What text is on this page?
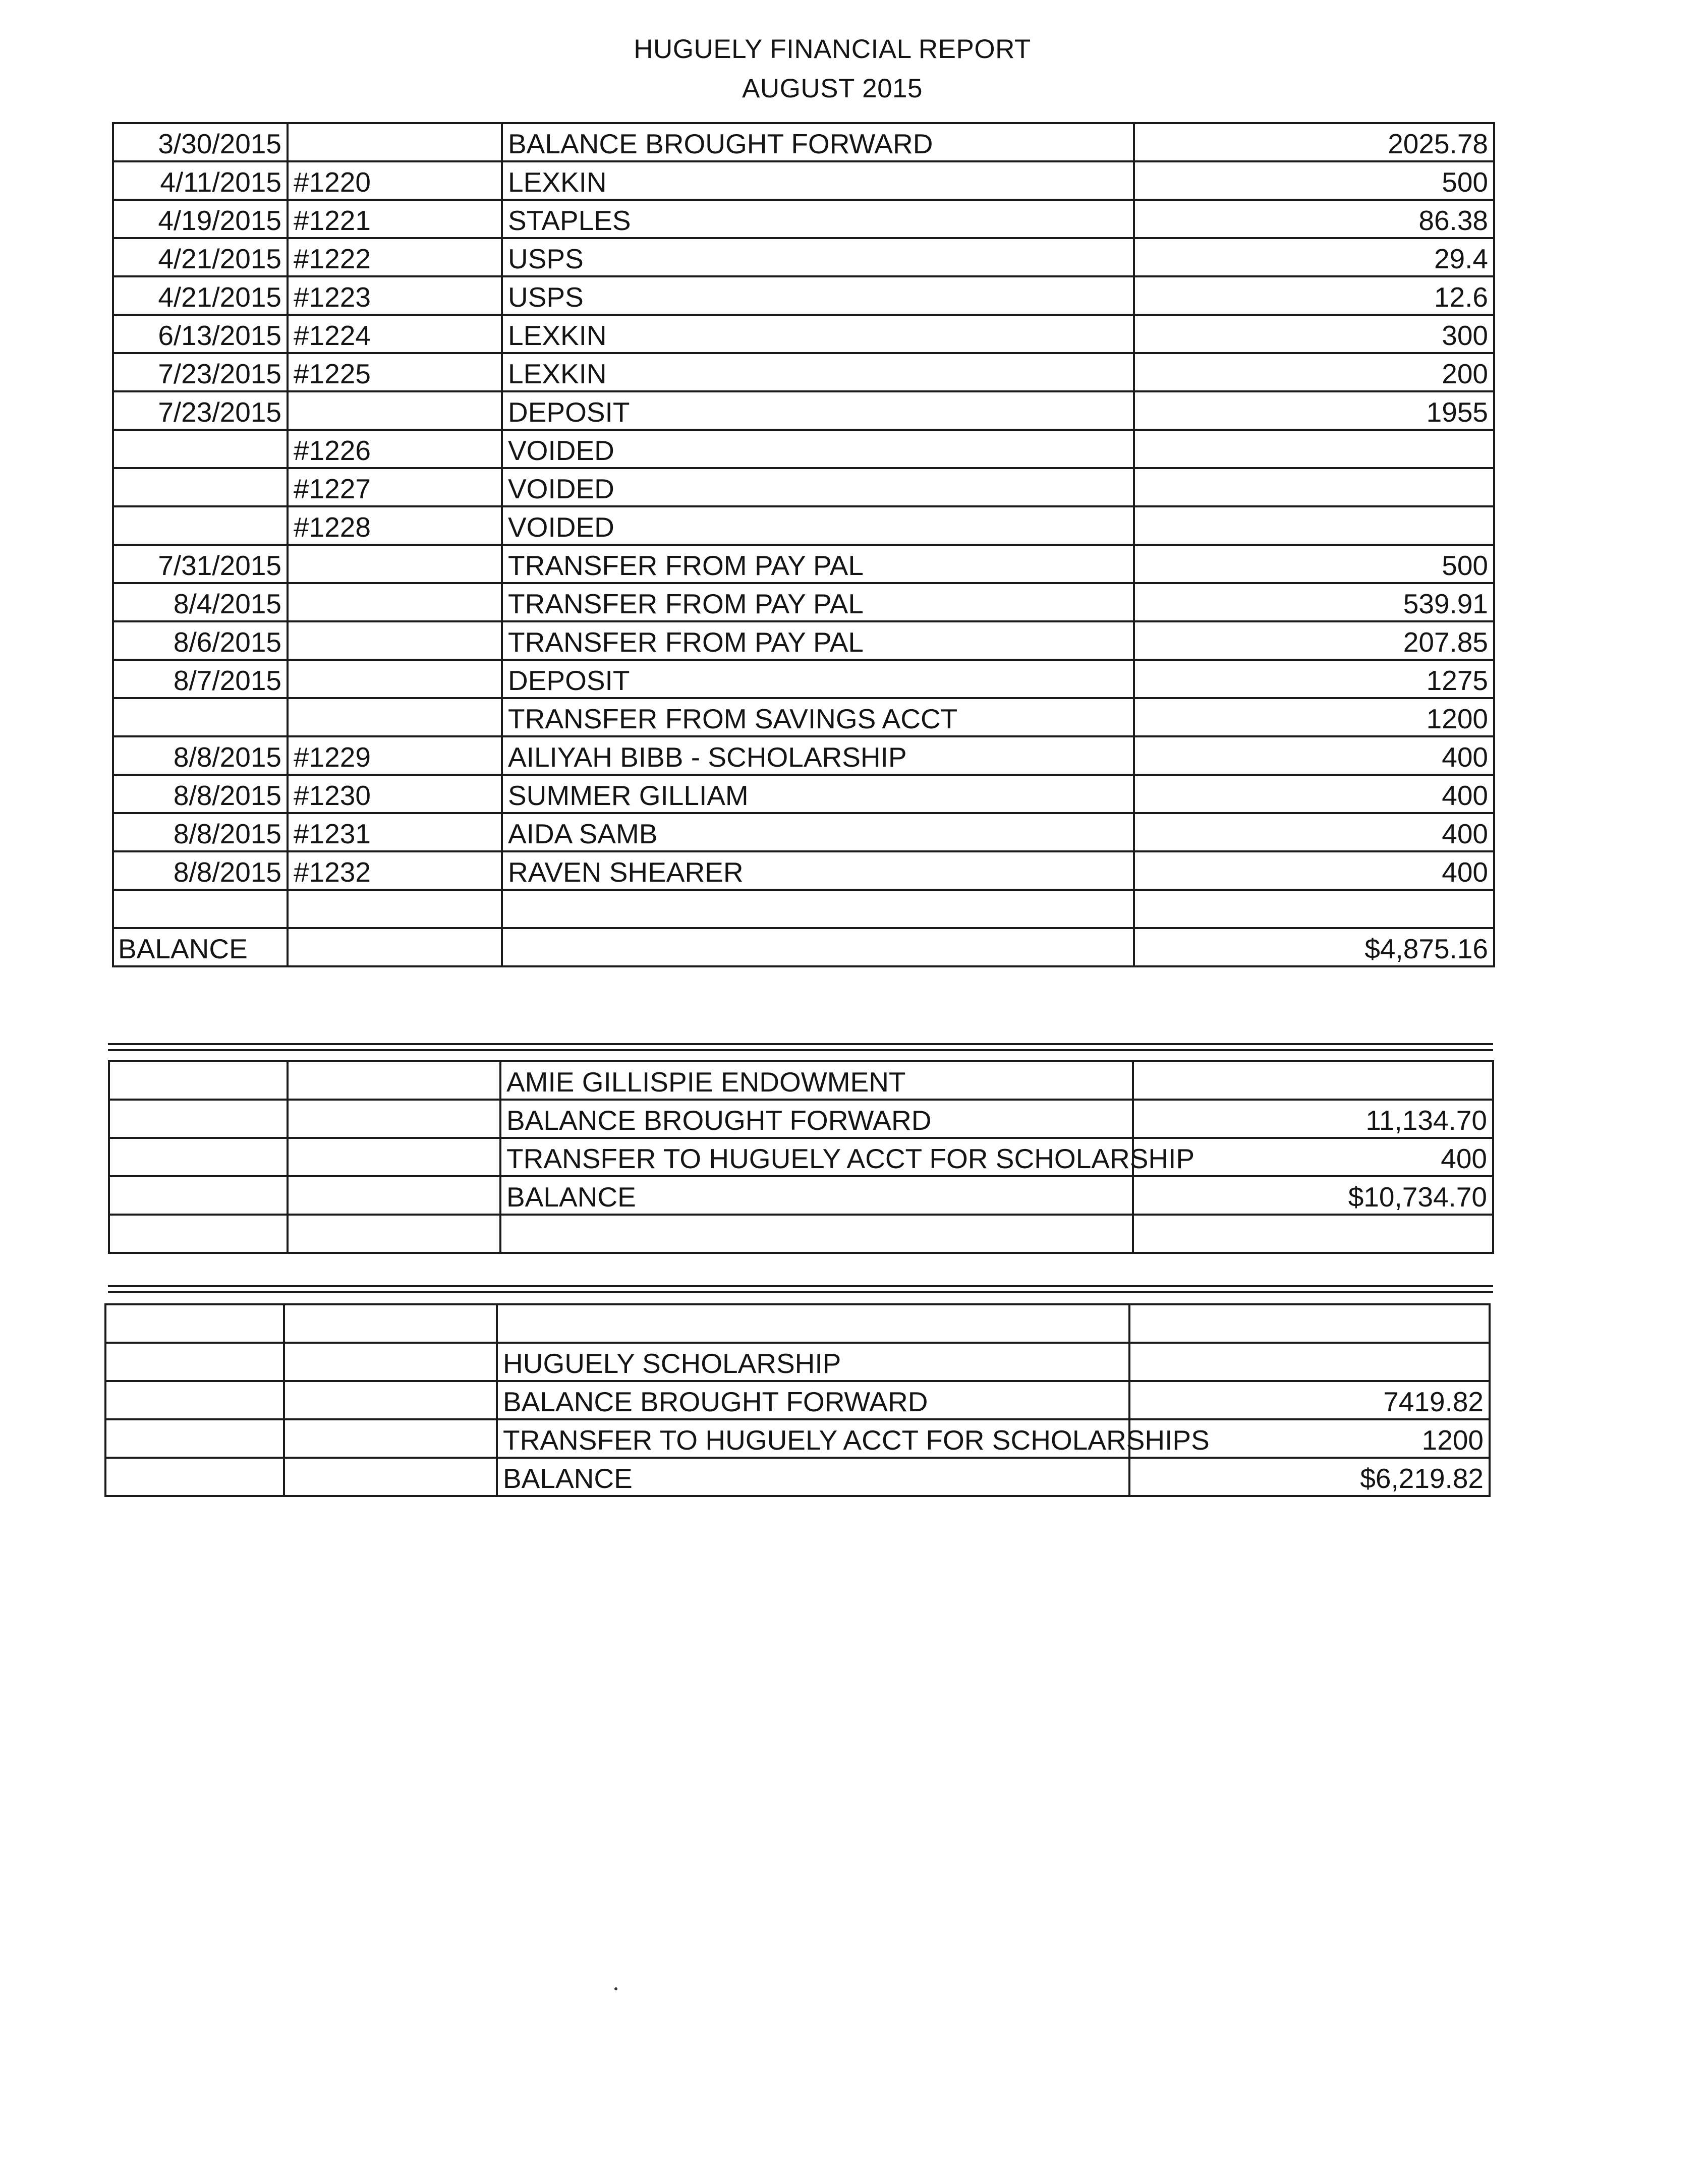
HUGUELY FINANCIAL REPORT
AUGUST 2015
3/30/2015		BALANCE BROUGHT FORWARD	2025.78
4/11/2015	#1220	LEXKIN	500
4/19/2015	#1221	STAPLES	86.38
4/21/2015	#1222	USPS	29.4
4/21/2015	#1223	USPS	12.6
6/13/2015	#1224	LEXKIN	300
7/23/2015	#1225	LEXKIN	200
7/23/2015		DEPOSIT	1955
	#1226	VOIDED	
	#1227	VOIDED	
	#1228	VOIDED	
7/31/2015		TRANSFER FROM PAY PAL	500
8/4/2015		TRANSFER FROM PAY PAL	539.91
8/6/2015		TRANSFER FROM PAY PAL	207.85
8/7/2015		DEPOSIT	1275
		TRANSFER FROM SAVINGS ACCT	1200
8/8/2015	#1229	AILIYAH BIBB - SCHOLARSHIP	400
8/8/2015	#1230	SUMMER GILLIAM	400
8/8/2015	#1231	AIDA SAMB	400
8/8/2015	#1232	RAVEN SHEARER	400

BALANCE			$4,875.16
		AMIE GILLISPIE ENDOWMENT	
		BALANCE BROUGHT FORWARD	11,134.70
		TRANSFER TO HUGUELY ACCT FOR SCHOLARSHIP	400
		BALANCE	$10,734.70

		HUGUELY SCHOLARSHIP	
		BALANCE BROUGHT FORWARD	7419.82
		TRANSFER TO HUGUELY ACCT FOR SCHOLARSHIPS	1200
		BALANCE	$6,219.82
